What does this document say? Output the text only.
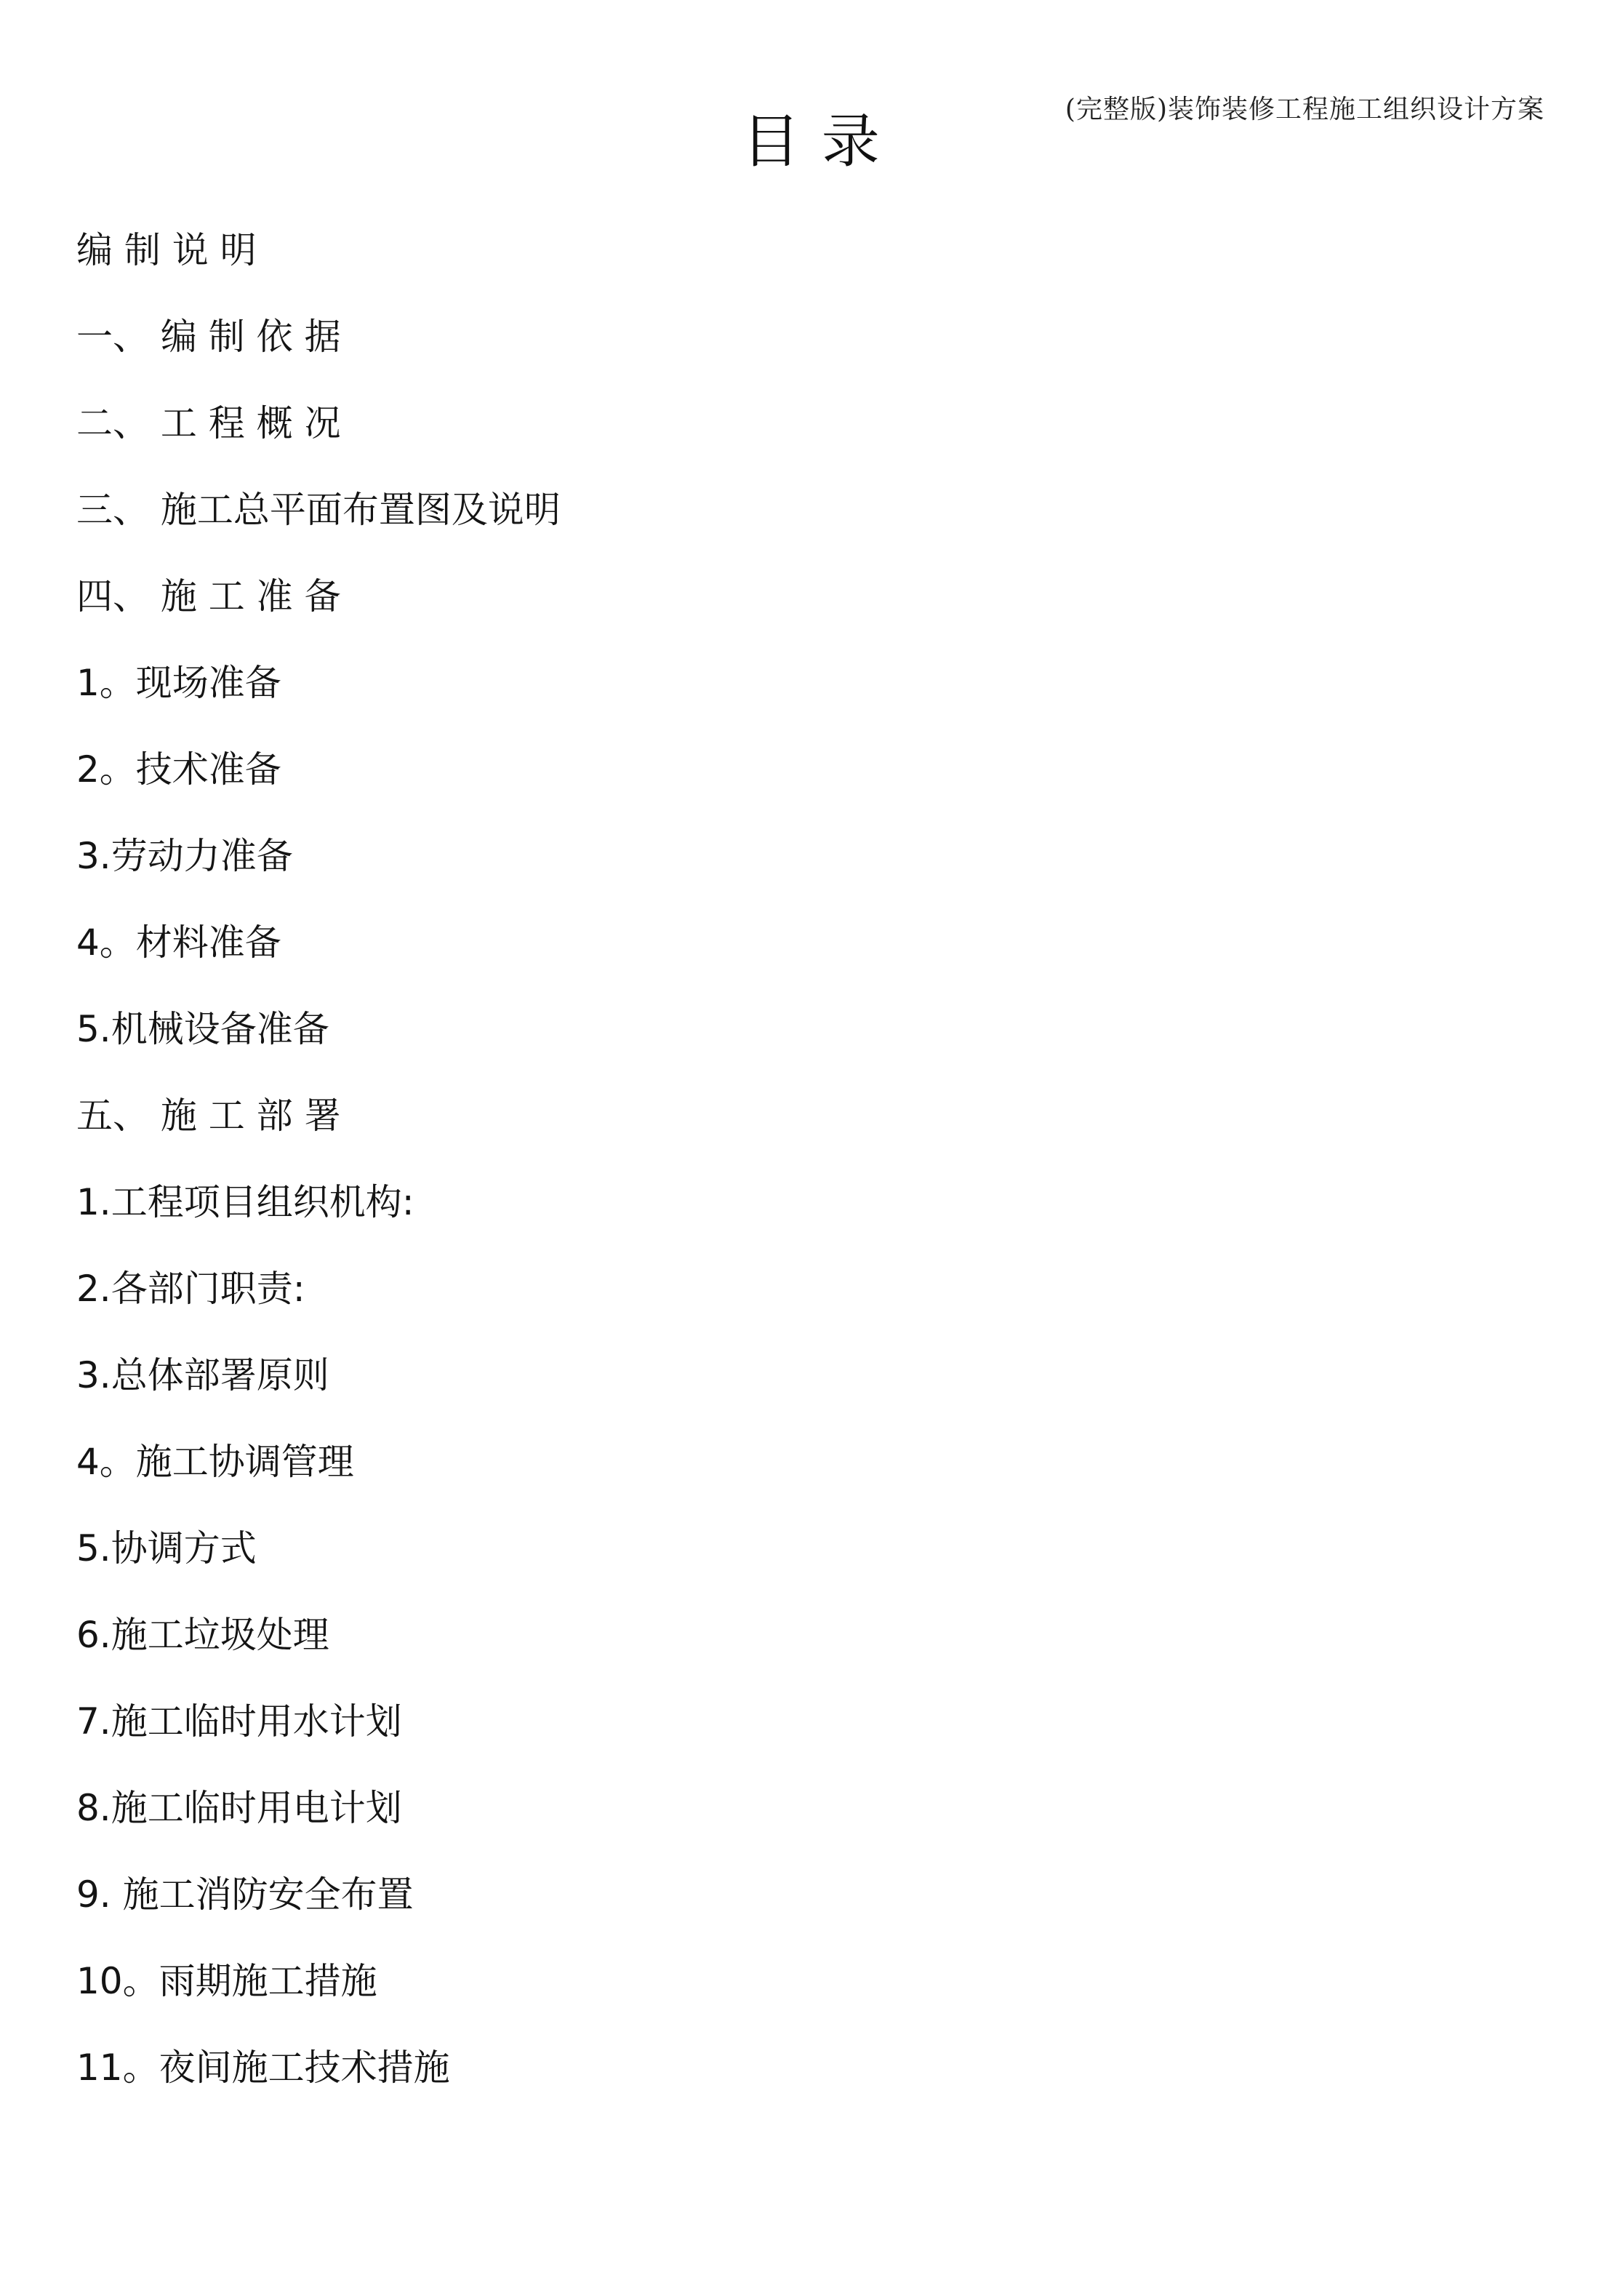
(完整版)装饰装修工程施工组织设计方案
目 录
编 制 说 明
一、 编 制 依 据
二、 工 程 概 况
三、 施工总平面布置图及说明
四、 施 工 准 备
1。现场准备
2。技术准备
3.劳动力准备
4。材料准备
5.机械设备准备
五、 施 工 部 署
1.工程项目组织机构:
2.各部门职责:
3.总体部署原则
4。施工协调管理
5.协调方式
6.施工垃圾处理
7.施工临时用水计划
8.施工临时用电计划
9. 施工消防安全布置
10。雨期施工措施
11。夜间施工技术措施
